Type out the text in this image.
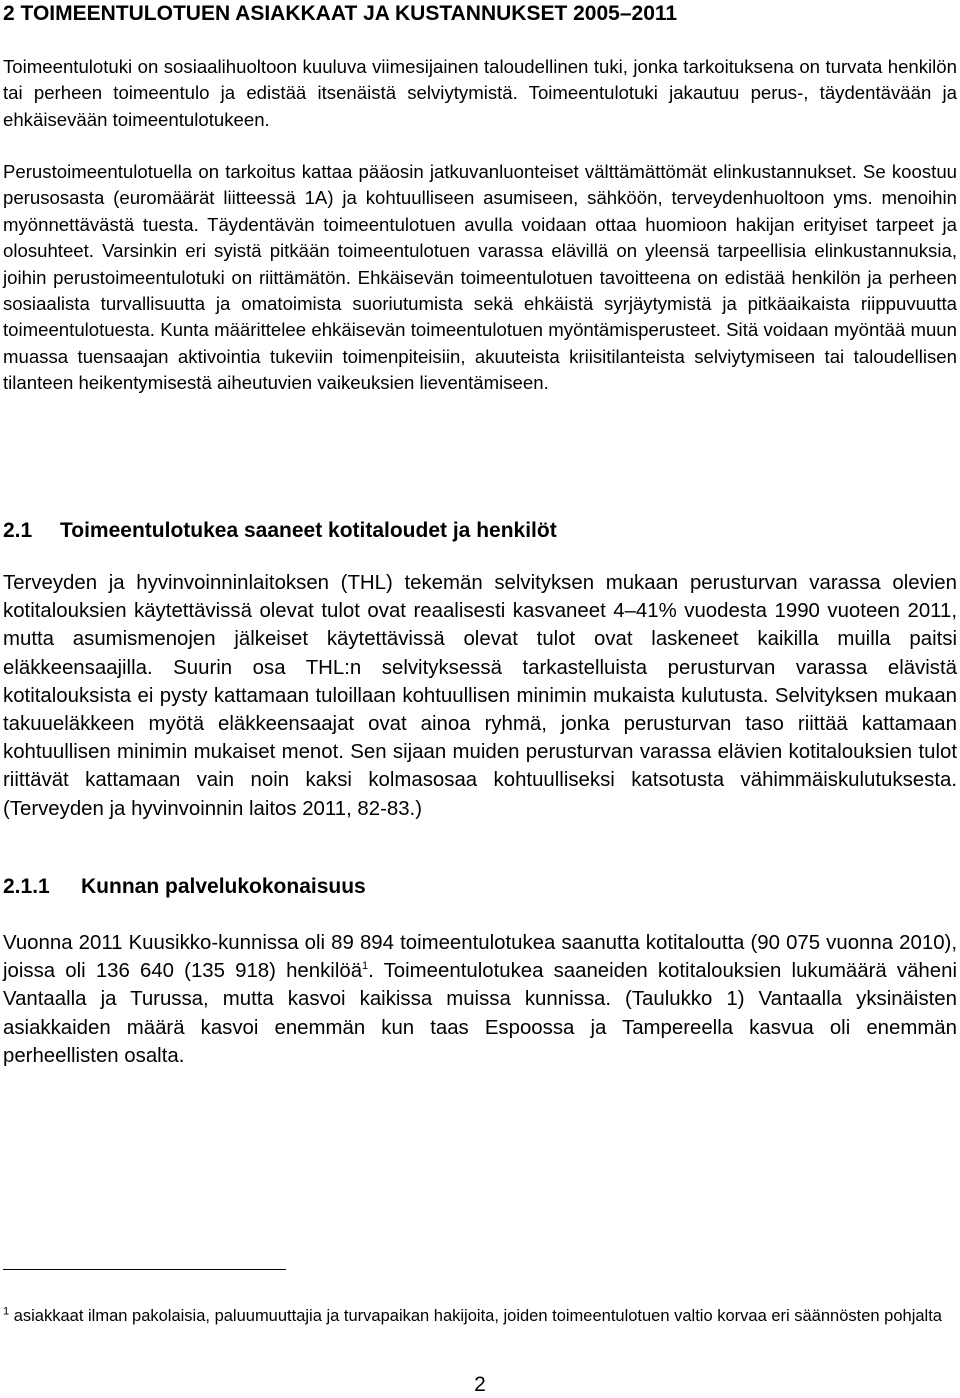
2 TOIMEENTULOTUEN ASIAKKAAT JA KUSTANNUKSET 2005–2011
Toimeentulotuki on sosiaalihuoltoon kuuluva viimesijainen taloudellinen tuki, jonka tarkoituksena on turvata henkilön tai perheen toimeentulo ja edistää itsenäistä selviytymistä. Toimeentulotuki jakautuu perus-, täydentävään ja ehkäisevään toimeentulotukeen.
Perustoimeentulotuella on tarkoitus kattaa pääosin jatkuvanluonteiset välttämättömät elinkustannukset. Se koostuu perusosasta (euromäärät liitteessä 1A) ja kohtuulliseen asumiseen, sähköön, terveydenhuoltoon yms. menoihin myönnettävästä tuesta. Täydentävän toimeentulotuen avulla voidaan ottaa huomioon hakijan erityiset tarpeet ja olosuhteet. Varsinkin eri syistä pitkään toimeentulotuen varassa elävillä on yleensä tarpeellisia elinkustannuksia, joihin perustoimeentulotuki on riittämätön. Ehkäisevän toimeentulotuen tavoitteena on edistää henkilön ja perheen sosiaalista turvallisuutta ja omatoimista suoriutumista sekä ehkäistä syrjäytymistä ja pitkäaikaista riippuvuutta toimeentulotuesta. Kunta määrittelee ehkäisevän toimeentulotuen myöntämisperusteet. Sitä voidaan myöntää muun muassa tuensaajan aktivointia tukeviin toimenpiteisiin, akuuteista kriisitilanteista selviytymiseen tai taloudellisen tilanteen heikentymisestä aiheutuvien vaikeuksien lieventämiseen.
2.1 Toimeentulotukea saaneet kotitaloudet ja henkilöt
Terveyden ja hyvinvoinninlaitoksen (THL) tekemän selvityksen mukaan perusturvan varassa olevien kotitalouksien käytettävissä olevat tulot ovat reaalisesti kasvaneet 4–41% vuodesta 1990 vuoteen 2011, mutta asumismenojen jälkeiset käytettävissä olevat tulot ovat laskeneet kaikilla muilla paitsi eläkkeensaajilla. Suurin osa THL:n selvityksessä tarkastelluista perusturvan varassa elävistä kotitalouksista ei pysty kattamaan tuloillaan kohtuullisen minimin mukaista kulutusta. Selvityksen mukaan takuueläkkeen myötä eläkkeensaajat ovat ainoa ryhmä, jonka perusturvan taso riittää kattamaan kohtuullisen minimin mukaiset menot. Sen sijaan muiden perusturvan varassa elävien kotitalouksien tulot riittävät kattamaan vain noin kaksi kolmasosaa kohtuulliseksi katsotusta vähimmäiskulutuksesta. (Terveyden ja hyvinvoinnin laitos 2011, 82-83.)
2.1.1 Kunnan palvelukokonaisuus
Vuonna 2011 Kuusikko-kunnissa oli 89 894 toimeentulotukea saanutta kotitaloutta (90 075 vuonna 2010), joissa oli 136 640 (135 918) henkilöä$^1$. Toimeentulotukea saaneiden kotitalouksien lukumäärä väheni Vantaalla ja Turussa, mutta kasvoi kaikissa muissa kunnissa. (Taulukko 1) Vantaalla yksinäisten asiakkaiden määrä kasvoi enemmän kun taas Espoossa ja Tampereella kasvua oli enemmän perheellisten osalta.
$^1$ asiakkaat ilman pakolaisia, paluumuuttajia ja turvapaikan hakijoita, joiden toimeentulotuen valtio korvaa eri säännösten pohjalta
2
